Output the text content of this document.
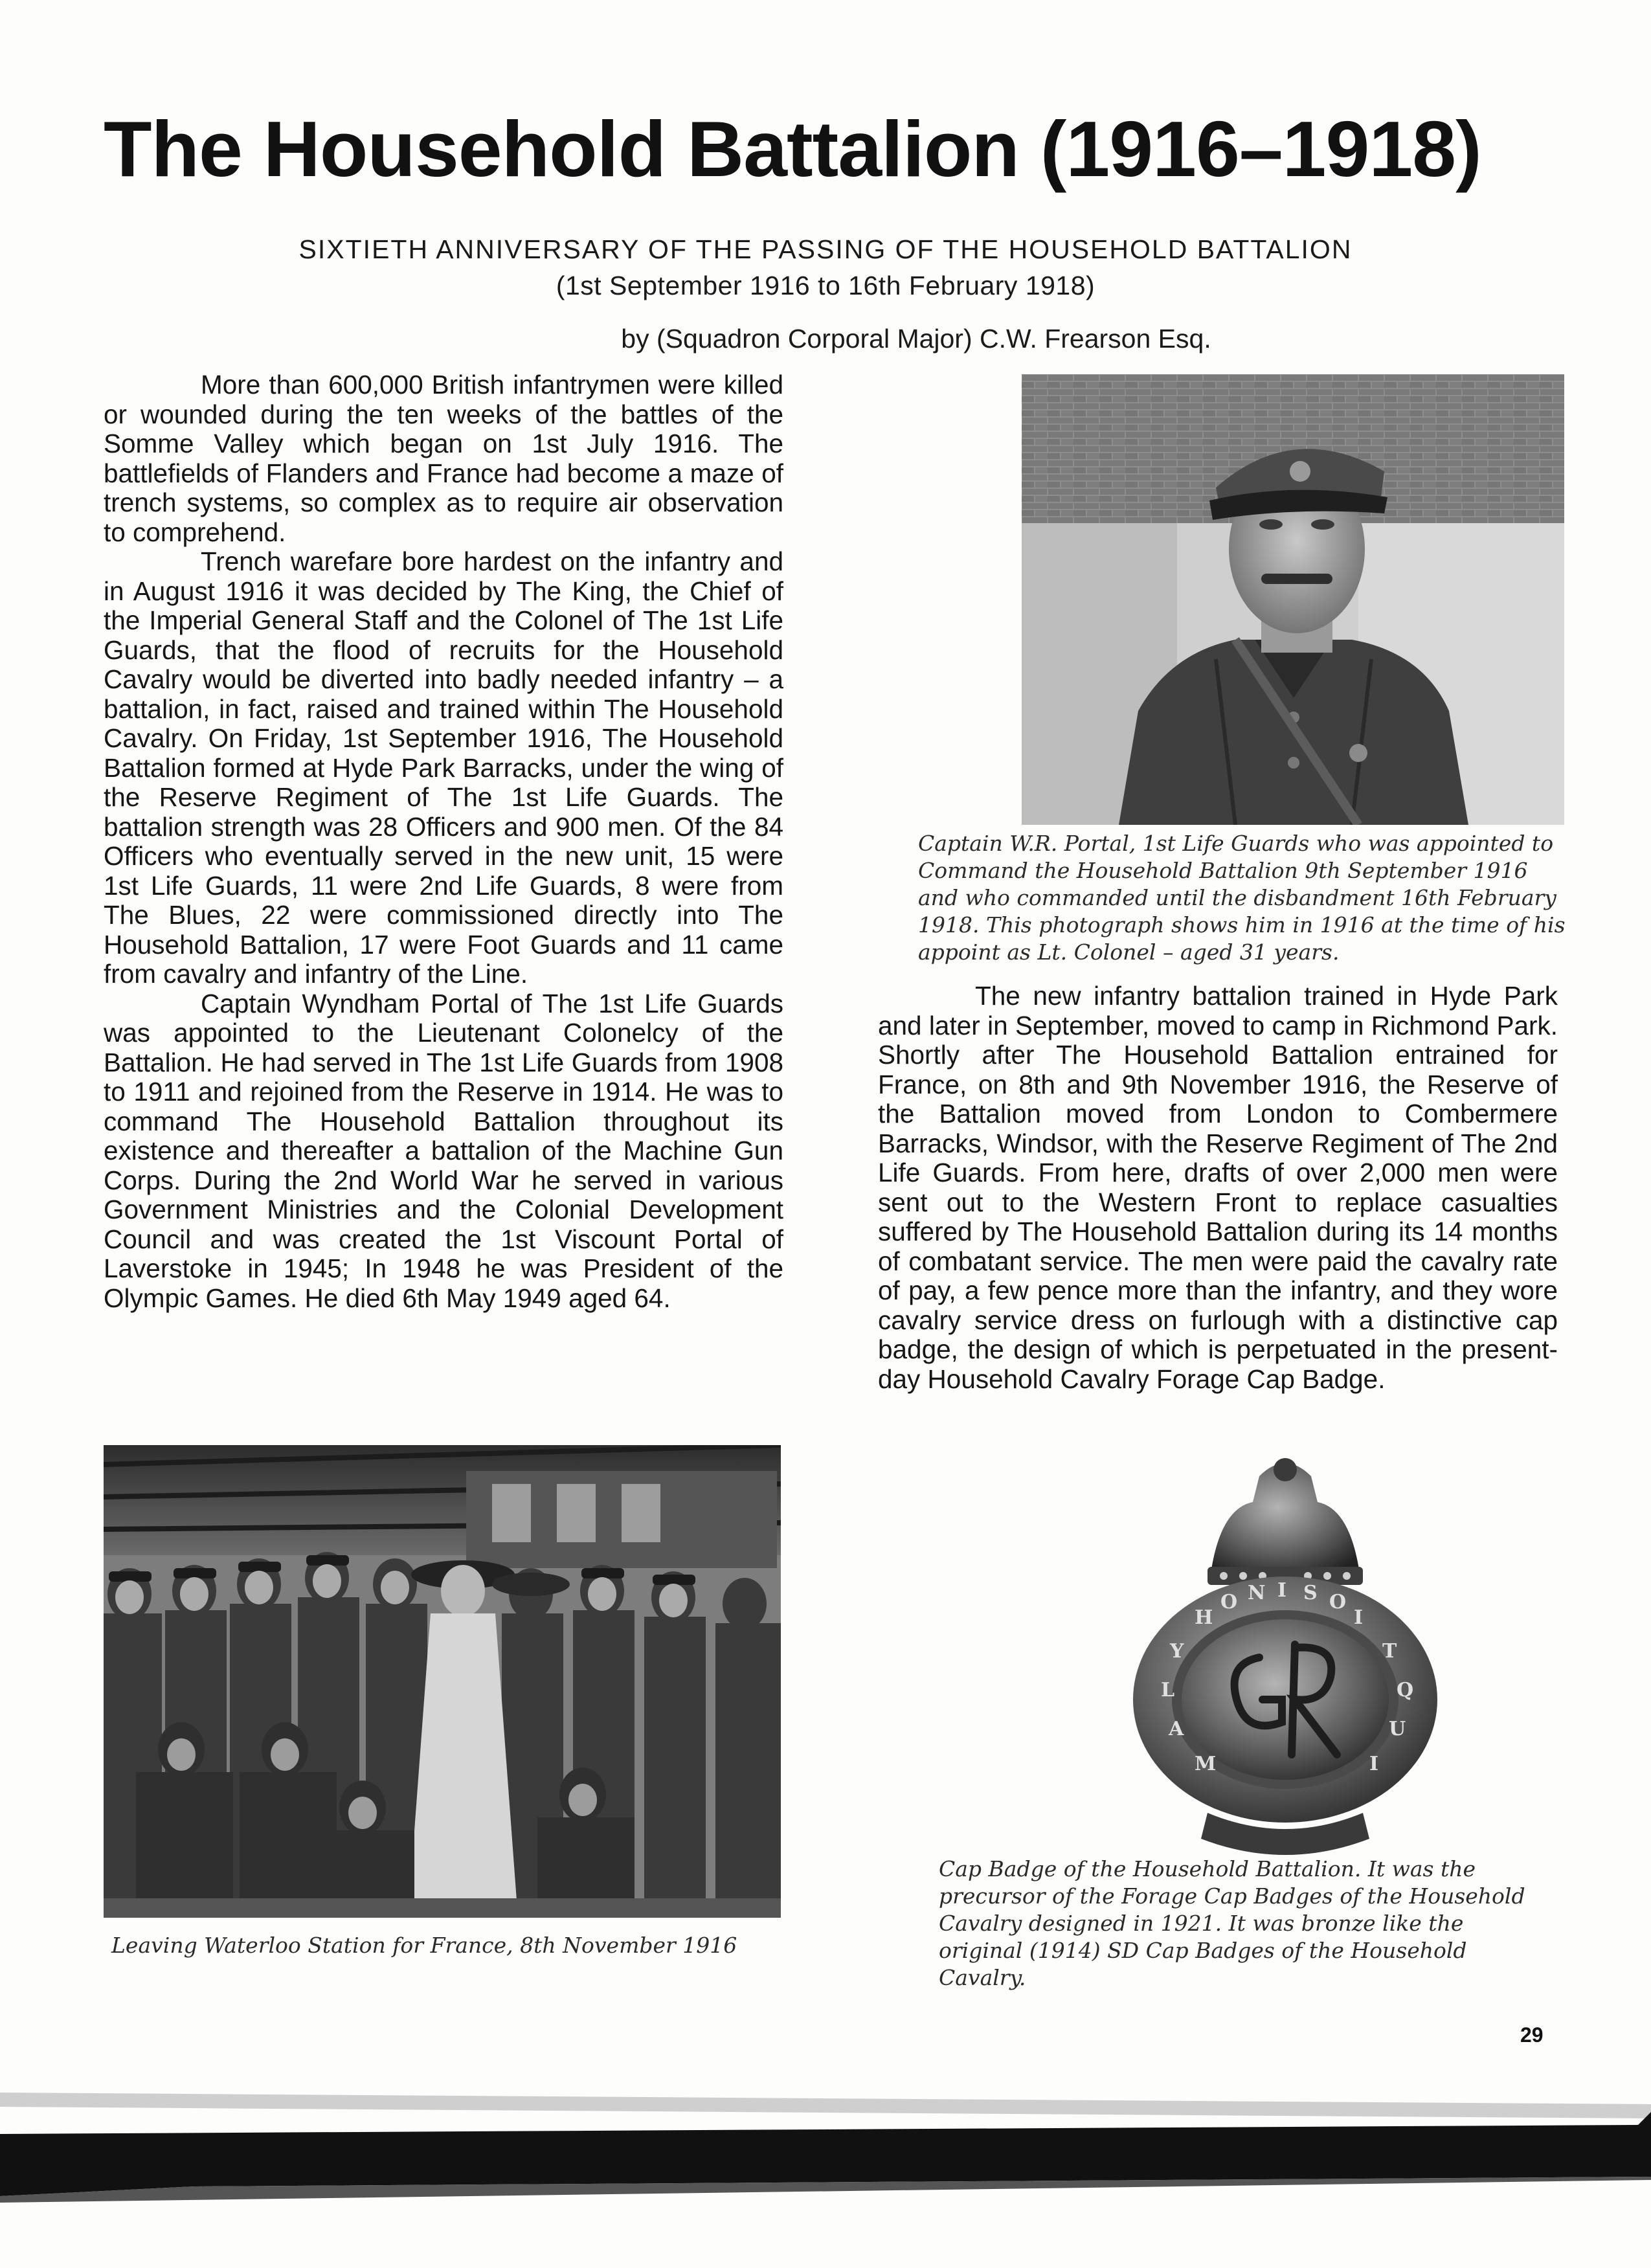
The Household Battalion (1916–1918)
SIXTIETH ANNIVERSARY OF THE PASSING OF THE HOUSEHOLD BATTALION
(1st September 1916 to 16th February 1918)
by (Squadron Corporal Major) C.W. Frearson Esq.

More than 600,000 British infantrymen were killed or wounded during the ten weeks of the battles of the Somme Valley which began on 1st July 1916. The battlefields of Flanders and France had become a maze of trench systems, so complex as to require air observation to comprehend.

Trench warefare bore hardest on the infantry and in August 1916 it was decided by The King, the Chief of the Imperial General Staff and the Colonel of The 1st Life Guards, that the flood of recruits for the Household Cavalry would be diverted into badly needed infantry – a battalion, in fact, raised and trained within The Household Cavalry. On Friday, 1st September 1916, The Household Battalion formed at Hyde Park Barracks, under the wing of the Reserve Regiment of The 1st Life Guards. The battalion strength was 28 Officers and 900 men. Of the 84 Officers who eventually served in the new unit, 15 were 1st Life Guards, 11 were 2nd Life Guards, 8 were from The Blues, 22 were commissioned directly into The Household Battalion, 17 were Foot Guards and 11 came from cavalry and infantry of the Line.

Captain Wyndham Portal of The 1st Life Guards was appointed to the Lieutenant Colonelcy of the Battalion. He had served in The 1st Life Guards from 1908 to 1911 and rejoined from the Reserve in 1914. He was to command The Household Battalion throughout its existence and thereafter a battalion of the Machine Gun Corps. During the 2nd World War he served in various Government Ministries and the Colonial Development Council and was created the 1st Viscount Portal of Laverstoke in 1945; In 1948 he was President of the Olympic Games. He died 6th May 1949 aged 64.

Captain W.R. Portal, 1st Life Guards who was appointed to Command the Household Battalion 9th September 1916 and who commanded until the disbandment 16th February 1918. This photograph shows him in 1916 at the time of his appoint as Lt. Colonel – aged 31 years.

The new infantry battalion trained in Hyde Park and later in September, moved to camp in Richmond Park. Shortly after The Household Battalion entrained for France, on 8th and 9th November 1916, the Reserve of the Battalion moved from London to Combermere Barracks, Windsor, with the Reserve Regiment of The 2nd Life Guards. From here, drafts of over 2,000 men were sent out to the Western Front to replace casualties suffered by The Household Battalion during its 14 months of combatant service. The men were paid the cavalry rate of pay, a few pence more than the infantry, and they wore cavalry service dress on furlough with a distinctive cap badge, the design of which is perpetuated in the present-day Household Cavalry Forage Cap Badge.

Leaving Waterloo Station for France, 8th November 1916
H
O N I S O
I
T
Q
U
I
M
A
L
Y
Cap Badge of the Household Battalion. It was the precursor of the Forage Cap Badges of the Household Cavalry designed in 1921. It was bronze like the original (1914) SD Cap Badges of the Household Cavalry.
29
